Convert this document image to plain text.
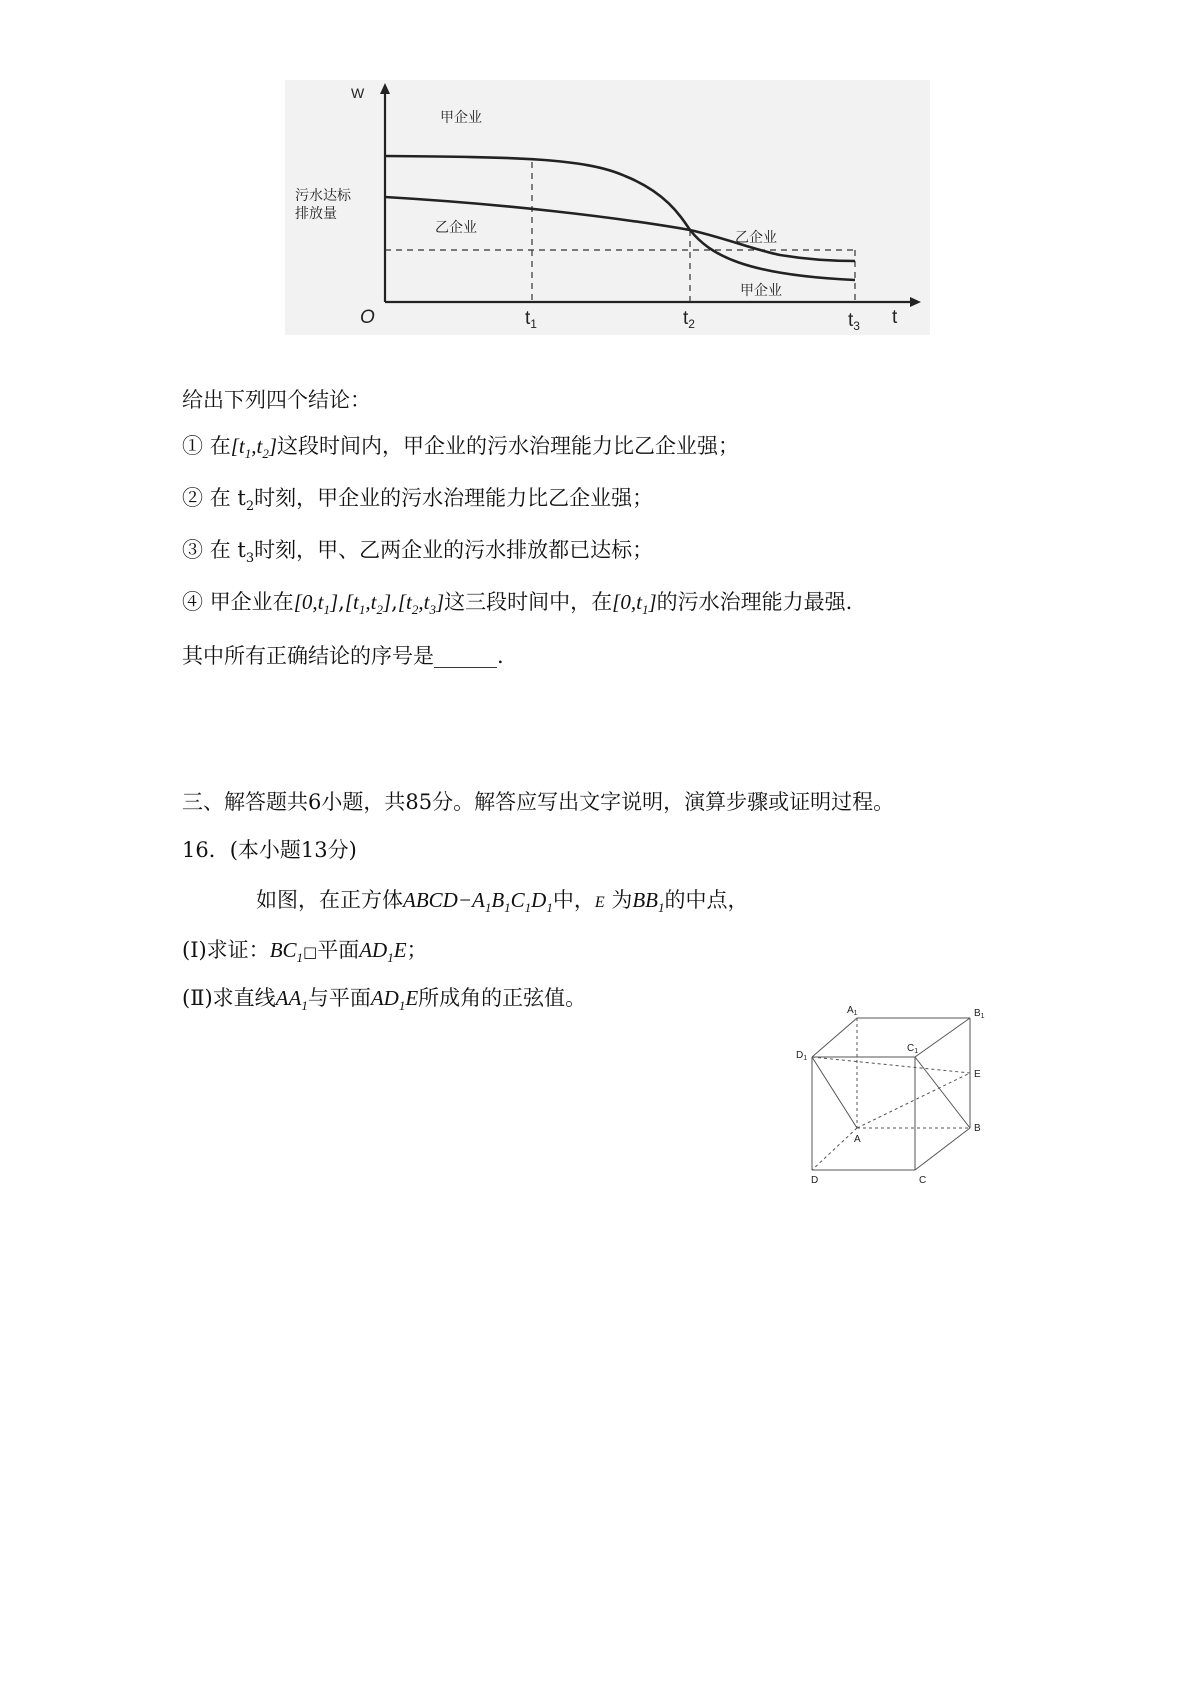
W
污水达标
排放量
甲企业
乙企业
乙企业
甲企业
O	t
$t_1$	$t_2$	$t_3$
给出下列四个结论：
① 在$[t_1,t_2]$这段时间内，甲企业的污水治理能力比乙企业强；
② 在 $t_2$时刻，甲企业的污水治理能力比乙企业强；
③ 在 $t_3$时刻，甲、乙两企业的污水排放都已达标；
④ 甲企业在$[0,t_1],[t_1,t_2],[t_2,t_3]$这三段时间中，在$[0,t_1]$的污水治理能力最强.
其中所有正确结论的序号是______.
三、解答题共6小题，共85分。解答应写出文字说明，演算步骤或证明过程。
16．(本小题13分)
如图，在正方体$ABCD-A_1B_1C_1D_1$中，E 为$BB_1$的中点，
(Ⅰ)求证：$BC_1□$平面$AD_1E$；
(Ⅱ)求直线$AA_1$与平面$AD_1E$所成角的正弦值。
$A_1$	$B_1$
$C_1$
$D_1$
E
A
B
C
D
